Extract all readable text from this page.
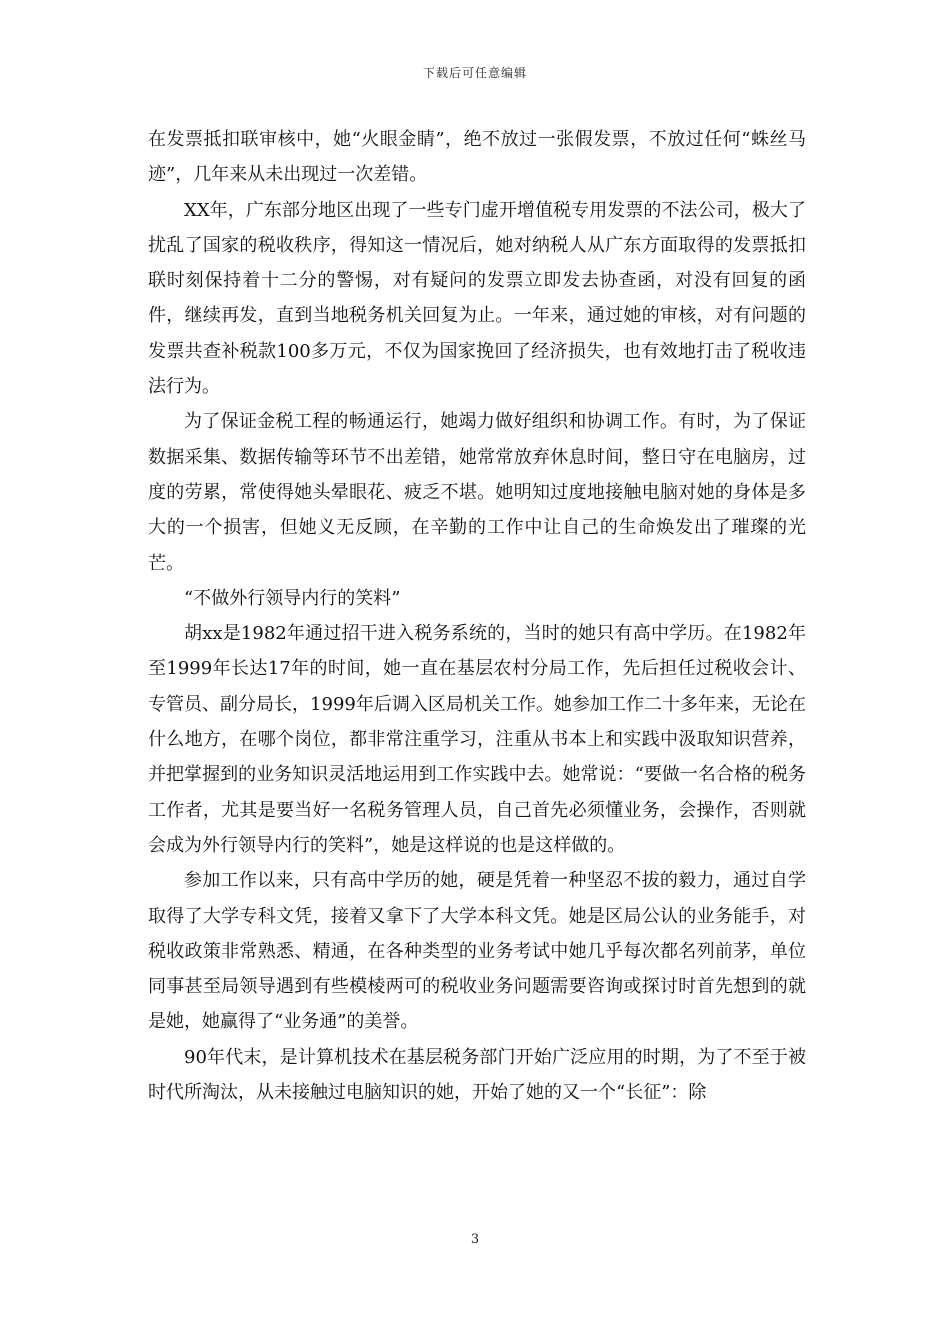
下载后可任意编辑

在发票抵扣联审核中，她“火眼金睛”，绝不放过一张假发票，不放过任何“蛛丝马迹”，几年来从未出现过一次差错。

XX年，广东部分地区出现了一些专门虚开增值税专用发票的不法公司，极大了扰乱了国家的税收秩序，得知这一情况后，她对纳税人从广东方面取得的发票抵扣联时刻保持着十二分的警惕，对有疑问的发票立即发去协查函，对没有回复的函件，继续再发，直到当地税务机关回复为止。一年来，通过她的审核，对有问题的发票共查补税款100多万元，不仅为国家挽回了经济损失，也有效地打击了税收违法行为。

为了保证金税工程的畅通运行，她竭力做好组织和协调工作。有时，为了保证数据采集、数据传输等环节不出差错，她常常放弃休息时间，整日守在电脑房，过度的劳累，常使得她头晕眼花、疲乏不堪。她明知过度地接触电脑对她的身体是多大的一个损害，但她义无反顾，在辛勤的工作中让自己的生命焕发出了璀璨的光芒。

“不做外行领导内行的笑料”

胡xx是1982年通过招干进入税务系统的，当时的她只有高中学历。在1982年至1999年长达17年的时间，她一直在基层农村分局工作，先后担任过税收会计、专管员、副分局长，1999年后调入区局机关工作。她参加工作二十多年来，无论在什么地方，在哪个岗位，都非常注重学习，注重从书本上和实践中汲取知识营养，并把掌握到的业务知识灵活地运用到工作实践中去。她常说：“要做一名合格的税务工作者，尤其是要当好一名税务管理人员，自己首先必须懂业务，会操作，否则就会成为外行领导内行的笑料”，她是这样说的也是这样做的。

参加工作以来，只有高中学历的她，硬是凭着一种坚忍不拔的毅力，通过自学取得了大学专科文凭，接着又拿下了大学本科文凭。她是区局公认的业务能手，对税收政策非常熟悉、精通，在各种类型的业务考试中她几乎每次都名列前茅，单位同事甚至局领导遇到有些模棱两可的税收业务问题需要咨询或探讨时首先想到的就是她，她赢得了“业务通”的美誉。

90年代末，是计算机技术在基层税务部门开始广泛应用的时期，为了不至于被时代所淘汰，从未接触过电脑知识的她，开始了她的又一个“长征”：除

3
